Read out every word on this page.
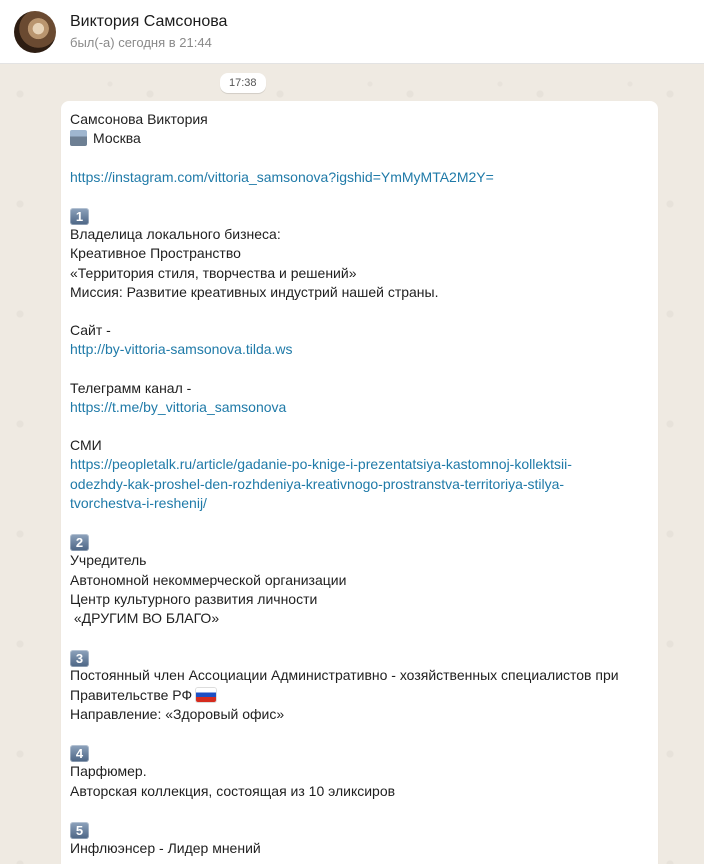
Виктория Самсонова
был(-а) сегодня в 21:44
17:38
Самсонова Виктория
Москва
https://instagram.com/vittoria_samsonova?igshid=YmMyMTA2M2Y=
1
Владелица локального бизнеса:
Креативное Пространство
«Территория стиля, творчества и решений»
Миссия: Развитие креативных индустрий нашей страны.
Сайт -
http://by-vittoria-samsonova.tilda.ws
Телеграмм канал -
https://t.me/by_vittoria_samsonova
СМИ
https://peopletalk.ru/article/gadanie-po-knige-i-prezentatsiya-kastomnoj-kollektsii-
odezhdy-kak-proshel-den-rozhdeniya-kreativnogo-prostranstva-territoriya-stilya-
tvorchestva-i-reshenij/
2
Учредитель
Автономной некоммерческой организации
Центр культурного развития личности
«ДРУГИМ ВО БЛАГО»
3
Постоянный член Ассоциации Административно - хозяйственных специалистов при
Правительстве РФ
Направление: «Здоровый офис»
4
Парфюмер.
Авторская коллекция, состоящая из 10 эликсиров
5
Инфлюэнсер - Лидер мнений
